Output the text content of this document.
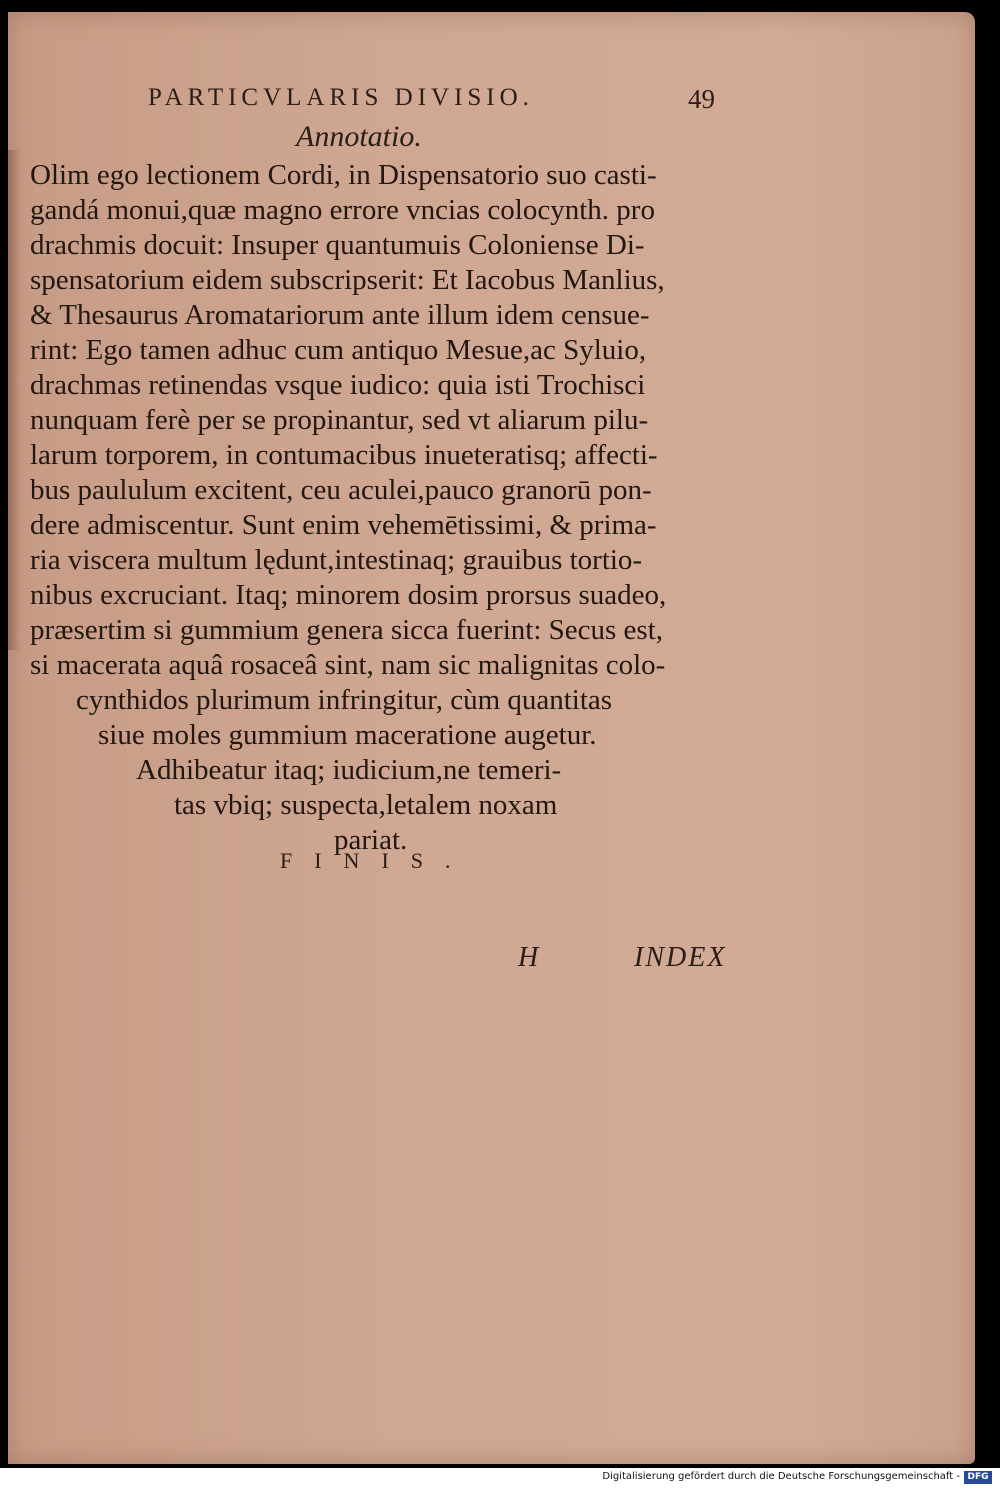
PARTICVLARIS DIVISIO.	49
Annotatio.
Olim ego lectionem Cordi, in Dispensatorio suo casti-
gandá monui,quæ magno errore vncias colocynth. pro
drachmis docuit: Insuper quantumuis Coloniense Di-
spensatorium eidem subscripserit: Et Iacobus Manlius,
& Thesaurus Aromatariorum ante illum idem censue-
rint: Ego tamen adhuc cum antiquo Mesue,ac Syluio,
drachmas retinendas vsque iudico: quia isti Trochisci
nunquam ferè per se propinantur, sed vt aliarum pilu-
larum torporem, in contumacibus inueteratisq; affecti-
bus paululum excitent, ceu aculei,pauco granorū pon-
dere admiscentur. Sunt enim vehemētissimi, & prima-
ria viscera multum lędunt,intestinaq; grauibus tortio-
nibus excruciant. Itaq; minorem dosim prorsus suadeo,
præsertim si gummium genera sicca fuerint: Secus est,
si macerata aquâ rosaceâ sint, nam sic malignitas colo-
cynthidos plurimum infringitur, cùm quantitas
siue moles gummium maceratione augetur.
Adhibeatur itaq; iudicium,ne temeri-
tas vbiq; suspecta,letalem noxam
pariat.
FINIS.
H	INDEX
Digitalisierung gefördert durch die Deutsche Forschungsgemeinschaft - DFG
